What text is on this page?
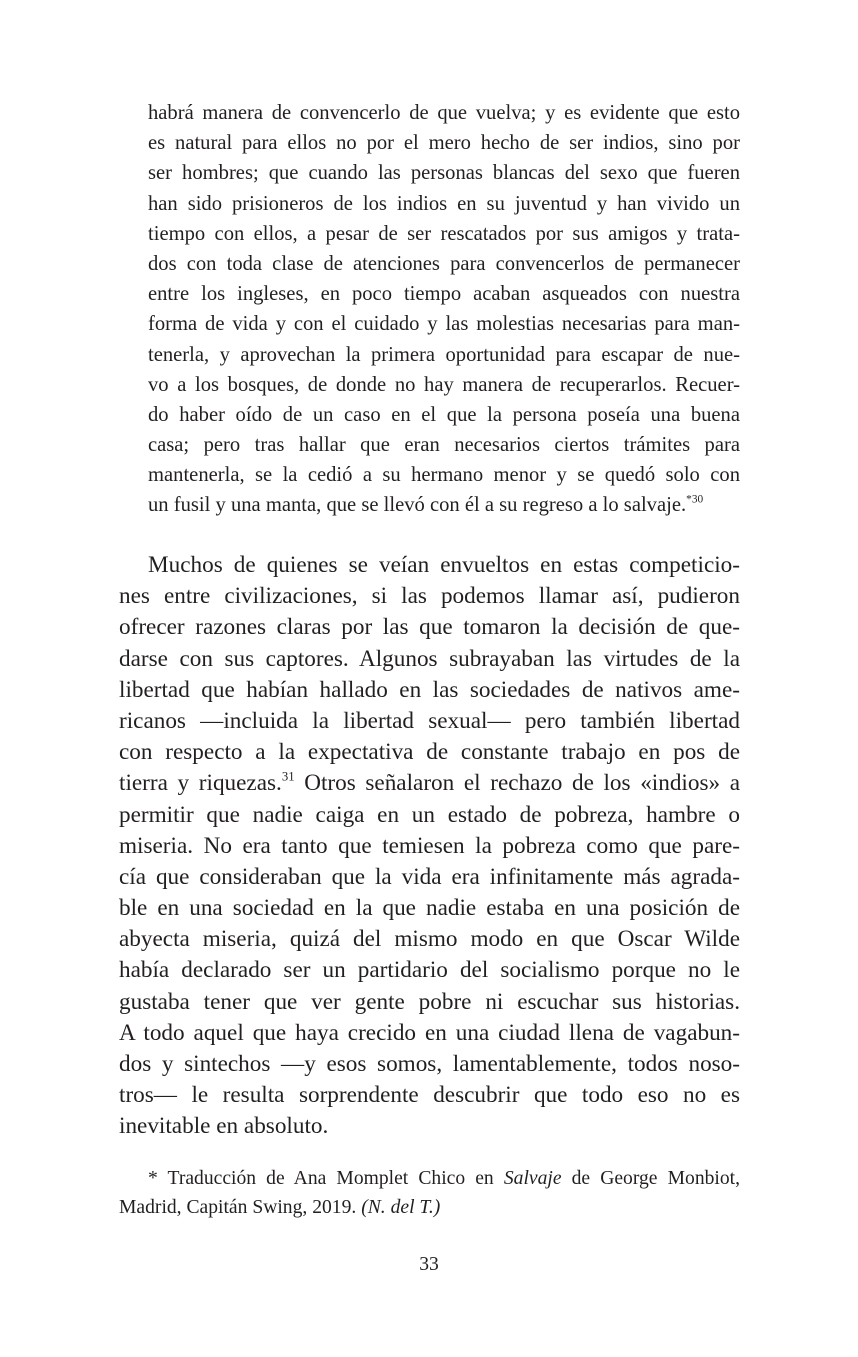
habrá manera de convencerlo de que vuelva; y es evidente que esto
es natural para ellos no por el mero hecho de ser indios, sino por
ser hombres; que cuando las personas blancas del sexo que fueren
han sido prisioneros de los indios en su juventud y han vivido un
tiempo con ellos, a pesar de ser rescatados por sus amigos y trata-
dos con toda clase de atenciones para convencerlos de permanecer
entre los ingleses, en poco tiempo acaban asqueados con nuestra
forma de vida y con el cuidado y las molestias necesarias para man-
tenerla, y aprovechan la primera oportunidad para escapar de nue-
vo a los bosques, de donde no hay manera de recuperarlos. Recuer-
do haber oído de un caso en el que la persona poseía una buena
casa; pero tras hallar que eran necesarios ciertos trámites para
mantenerla, se la cedió a su hermano menor y se quedó solo con
un fusil y una manta, que se llevó con él a su regreso a lo salvaje.$^{*30}$
Muchos de quienes se veían envueltos en estas competicio-
nes entre civilizaciones, si las podemos llamar así, pudieron
ofrecer razones claras por las que tomaron la decisión de que-
darse con sus captores. Algunos subrayaban las virtudes de la
libertad que habían hallado en las sociedades de nativos ame-
ricanos —incluida la libertad sexual— pero también libertad
con respecto a la expectativa de constante trabajo en pos de
tierra y riquezas.$^{31}$ Otros señalaron el rechazo de los «indios» a
permitir que nadie caiga en un estado de pobreza, hambre o
miseria. No era tanto que temiesen la pobreza como que pare-
cía que consideraban que la vida era infinitamente más agrada-
ble en una sociedad en la que nadie estaba en una posición de
abyecta miseria, quizá del mismo modo en que Oscar Wilde
había declarado ser un partidario del socialismo porque no le
gustaba tener que ver gente pobre ni escuchar sus historias.
A todo aquel que haya crecido en una ciudad llena de vagabun-
dos y sintechos —y esos somos, lamentablemente, todos noso-
tros— le resulta sorprendente descubrir que todo eso no es
inevitable en absoluto.
* Traducción de Ana Momplet Chico en Salvaje de George Monbiot,
Madrid, Capitán Swing, 2019. (N. del T.)
33
